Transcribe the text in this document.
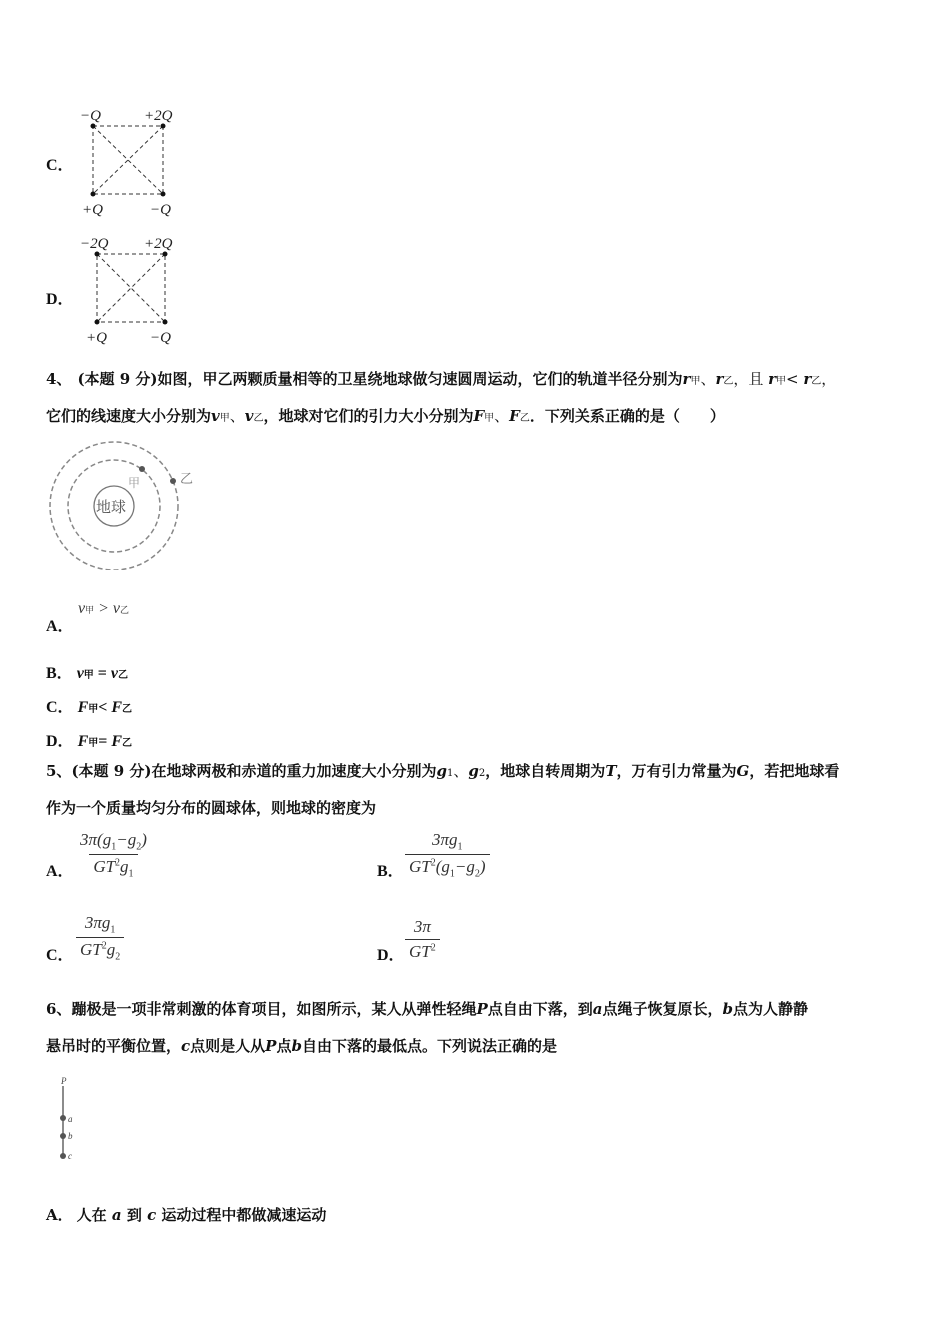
C．
−Q	+2Q
+Q	−Q
D．
−2Q +2Q
+Q	−Q
4、 (本题 9 分)如图，甲乙两颗质量相等的卫星绕地球做匀速圆周运动，它们的轨道半径分别为r甲、r乙，且 r甲< r乙，
它们的线速度大小分别为v甲、v乙，地球对它们的引力大小分别为F甲、F乙．下列关系正确的是（　　）
地球
甲	乙
A．
v甲 > v乙
B． v甲 = v乙
C． F甲< F乙
D． F甲= F乙
5、(本题 9 分)在地球两极和赤道的重力加速度大小分别为g1、g2，地球自转周期为T，万有引力常量为G，若把地球看
作为一个质量均匀分布的圆球体，则地球的密度为
A． $\frac{3\pi(g_1-g_2)}{GT^2g_1}$	B． $\frac{3\pi g_1}{GT^2(g_1-g_2)}$
C． $\frac{3\pi g_1}{GT^2g_2}$	D． $\frac{3\pi}{GT^2}$
6、蹦极是一项非常刺激的体育项目，如图所示，某人从弹性轻绳P点自由下落，到a点绳子恢复原长，b点为人静静
悬吊时的平衡位置，c点则是人从P点b自由下落的最低点。下列说法正确的是
P
a
b
c
A． 人在 a 到 c 运动过程中都做减速运动
